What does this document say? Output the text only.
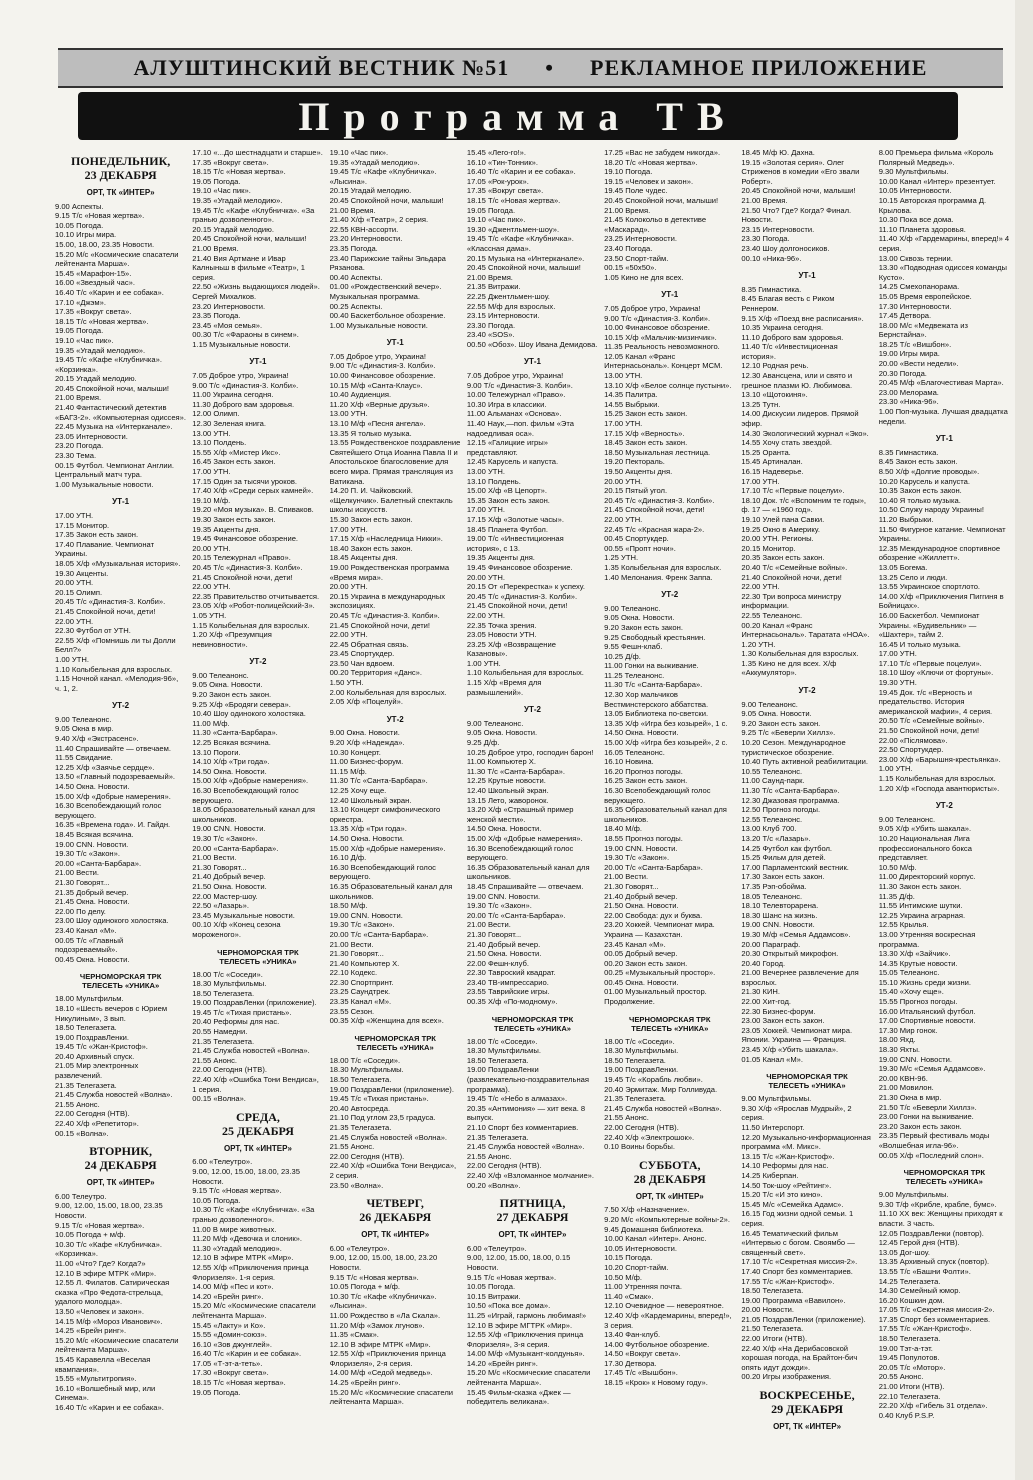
АЛУШТИНСКИЙ ВЕСТНИК №51 • РЕКЛАМНОЕ ПРИЛОЖЕНИЕ
Программа ТВ
ПОНЕДЕЛЬНИК,
23 ДЕКАБРЯ
ОРТ, ТК «ИНТЕР»
9.00 Аспекты.
9.15 Т/с «Новая жертва».
10.05 Погода.
10.10 Игры мира.
15.00, 18.00, 23.35 Новости.
15.20 М/с «Космические спасатели лейтенанта Марша».
15.45 «Марафон-15».
16.00 «Звездный час».
16.40 Т/с «Карин и ее собака».
17.10 «Джэм».
17.35 «Вокруг света».
18.15 Т/с «Новая жертва».
19.05 Погода.
19.10 «Час пик».
19.35 «Угадай мелодию».
19.45 Т/с «Кафе «Клубничка». «Корзинка».
20.15 Угадай мелодию.
20.45 Спокойной ночи, малыши!
21.00 Время.
21.40 Фантастический детектив «БАГЗ-2». «Компьютерная одиссея».
22.45 Музыка на «Интерканале».
23.05 Интерновости.
23.20 Погода.
23.30 Тема.
00.15 Футбол. Чемпионат Англии. Центральный матч тура.
1.00 Музыкальные новости.
УТ-1
17.00 УТН.
17.15 Монитор.
17.35 Закон есть закон.
17.40 Плавание. Чемпионат Украины.
18.05 Х/ф «Музыкальная история».
19.30 Акценты.
20.00 УТН.
20.15 Олимп.
20.45 Т/с «Династия-3. Колби».
21.45 Спокойной ночи, дети!
22.00 УТН.
22.30 Футбол от УТН.
22.55 Х/ф «Помнишь ли ты Долли Белл?»
1.00 УТН.
1.10 Колыбельная для взрослых.
1.15 Ночной канал. «Мелодия-96», ч. 1, 2.
УТ-2
9.00 Телеанонс.
9.05 Окна в мир.
9.40 Х/ф «Экстрасенс».
11.40 Спрашивайте — отвечаем.
11.55 Свидание.
12.25 Х/ф «Заячье сердце».
13.50 «Главный подозреваемый».
14.50 Окна. Новости.
15.00 Х/ф «Добрые намерения».
16.30 Всепобеждающий голос верующего.
16.35 «Времена года». И. Гайдн.
18.45 Всякая всячина.
19.00 CNN. Новости.
19.30 Т/с «Закон».
20.00 «Санта-Барбара».
21.00 Вести.
21.30 Говорят...
21.35 Добрый вечер.
21.45 Окна. Новости.
22.00 По делу.
23.00 Шоу одинокого холостяка.
23.40 Канал «М».
00.05 Т/с «Главный подозреваемый».
00.45 Окна. Новости.
ЧЕРНОМОРСКАЯ ТРК
ТЕЛЕСЕТЬ «УНИКА»
18.00 Мультфильм.
18.10 «Шесть вечеров с Юрием Никулиным», 3 вып.
18.50 Телегазета.
19.00 ПоздравЛенки.
19.45 Т/с «Жан-Кристоф».
20.40 Архивный спуск.
21.05 Мир электронных развлечений.
21.35 Телегазета.
21.45 Служба новостей «Волна».
21.55 Анонс.
22.00 Сегодня (НТВ).
22.40 Х/ф «Репетитор».
00.15 «Волна».
ВТОРНИК,
24 ДЕКАБРЯ
ОРТ, ТК «ИНТЕР»
6.00 Телеутро.
9.00, 12.00, 15.00, 18.00, 23.35 Новости.
9.15 Т/с «Новая жертва».
10.05 Погода + м/ф.
10.30 Т/с «Кафе «Клубничка». «Корзинка».
11.00 «Что? Где? Когда?»
12.10 В эфире МТРК «Мир».
12.55 Л. Филатов. Сатирическая сказка «Про Федота-стрельца, удалого молодца».
13.50 «Человек и закон».
14.15 М/ф «Мороз Иванович».
14.25 «Брейн ринг».
15.20 М/с «Космические спасатели лейтенанта Марша».
15.45 Каравелла «Веселая квампания».
15.55 «Мультитропия».
16.10 «Волшебный мир, или Синема».
16.40 Т/с «Карин и ее собака».
17.10 «...До шестнадцати и старше».
17.35 «Вокруг света».
18.15 Т/с «Новая жертва».
19.05 Погода.
19.10 «Час пик».
19.35 «Угадай мелодию».
19.45 Т/с «Кафе «Клубничка». «За гранью дозволенного».
20.15 Угадай мелодию.
20.45 Спокойной ночи, малыши!
21.00 Время.
21.40 Вия Артмане и Ивар Калныньш в фильме «Театр», 1 серия.
22.50 «Жизнь выдающихся людей». Сергей Михалков.
23.20 Интерновости.
23.35 Погода.
23.45 «Моя семья».
00.30 Т/с «Фараоны в синем».
1.15 Музыкальные новости.
УТ-1
7.05 Доброе утро, Украина!
9.00 Т/с «Династия-3. Колби».
11.00 Украина сегодня.
11.30 Доброго вам здоровья.
12.00 Олимп.
12.30 Зеленая книга.
13.00 УТН.
13.10 Полдень.
15.55 Х/ф «Мистер Икс».
16.45 Закон есть закон.
17.00 УТН.
17.15 Один за тысячи уроков.
17.40 Х/ф «Среди серых камней».
19.10 М/ф.
19.20 «Моя музыка». В. Спиваков.
19.30 Закон есть закон.
19.35 Акценты дня.
19.45 Финансовое обозрение.
20.00 УТН.
20.15 Тележурнал «Право».
20.45 Т/с «Династия-3. Колби».
21.45 Спокойной ночи, дети!
22.00 УТН.
22.35 Правительство отчитывается.
23.05 Х/ф «Робот-полицейский-3».
1.05 УТН.
1.15 Колыбельная для взрослых.
1.20 Х/ф «Презумпция невиновности».
УТ-2
9.00 Телеанонс.
9.05 Окна. Новости.
9.20 Закон есть закон.
9.25 Х/ф «Бродяги севера».
10.40 Шоу одинокого холостяка.
11.00 М/ф.
11.30 «Санта-Барбара».
12.25 Всякая всячина.
13.10 Пороги.
14.10 Х/ф «Три года».
14.50 Окна. Новости.
15.00 Х/ф «Добрые намерения».
16.30 Всепобеждающий голос верующего.
18.05 Образовательный канал для школьников.
19.00 CNN. Новости.
19.30 Т/с «Закон».
20.00 «Санта-Барбара».
21.00 Вести.
21.30 Говорят...
21.40 Добрый вечер.
21.50 Окна. Новости.
22.00 Мастер-шоу.
22.50 «Лазарь».
23.45 Музыкальные новости.
00.10 Х/ф «Конец сезона мороженого».
ЧЕРНОМОРСКАЯ ТРК
ТЕЛЕСЕТЬ «УНИКА»
18.00 Т/с «Соседи».
18.30 Мультфильмы.
18.50 Телегазета.
19.00 ПоздравЛенки (приложение).
19.45 Т/с «Тихая пристань».
20.40 Реформы для нас.
20.55 Намедни.
21.35 Телегазета.
21.45 Служба новостей «Волна».
21.55 Анонс.
22.00 Сегодня (НТВ).
22.40 Х/ф «Ошибка Тони Вендиса», 1 серия.
00.15 «Волна».
СРЕДА,
25 ДЕКАБРЯ
ОРТ, ТК «ИНТЕР»
6.00 «Телеутро».
9.00, 12.00, 15.00, 18.00, 23.35 Новости.
9.15 Т/с «Новая жертва».
10.05 Погода.
10.30 Т/с «Кафе «Клубничка». «За гранью дозволенного».
11.00 В мире животных.
11.20 М/ф «Девочка и слоник».
11.30 «Угадай мелодию».
12.10 В эфире МТРК «Мир».
12.55 Х/ф «Приключения принца Флоризеля». 1-я серия.
14.00 М/ф «Пес и кот».
14.20 «Брейн ринг».
15.20 М/с «Космические спасатели лейтенанта Марша».
15.45 «Лакту» и Ко».
15.55 «Домин-союз».
16.10 «Зов джунглей».
16.40 Т/с «Карин и ее собака».
17.05 «Т-эт-а-теть».
17.30 «Вокруг света».
18.15 Т/с «Новая жертва».
19.05 Погода.
19.10 «Час пик».
19.35 «Угадай мелодию».
19.45 Т/с «Кафе «Клубничка». «Лысина».
20.15 Угадай мелодию.
20.45 Спокойной ночи, малыши!
21.00 Время.
21.40 Х/ф «Театр», 2 серия.
22.55 КВН-ассорти.
23.20 Интерновости.
23.35 Погода.
23.40 Парижские тайны Эльдара Рязанова.
00.40 Аспекты.
01.00 «Рождественский вечер». Музыкальная программа.
00.25 Аспекты.
00.40 Баскетбольное обозрение.
1.00 Музыкальные новости.
УТ-1
7.05 Доброе утро, Украина!
9.00 Т/с «Династия-3. Колби».
10.00 Финансовое обозрение.
10.15 М/ф «Санта-Клаус».
10.40 Аудиенция.
11.20 Х/ф «Верные друзья».
13.00 УТН.
13.10 М/ф «Песня ангела».
13.35 Я только музыка.
13.55 Рождественское поздравление Святейшего Отца Иоанна Павла II и Апостольское благословение для всего мира. Прямая трансляция из Ватикана.
14.20 П. И. Чайковский. «Щелкунчик». Балетный спектакль школы искусств.
15.30 Закон есть закон.
17.00 УТН.
17.15 Х/ф «Наследница Никки».
18.40 Закон есть закон.
18.45 Акценты дня.
19.00 Рождественская программа «Время мира».
20.00 УТН.
20.15 Украина в международных экспозициях.
20.45 Т/с «Династия-3. Колби».
21.45 Спокойной ночи, дети!
22.00 УТН.
22.45 Обратная связь.
23.45 Спортукдер.
23.50 Чан вдвоем.
00.20 Территория «Данс».
1.50 УТН.
2.00 Колыбельная для взрослых.
2.05 Х/ф «Поцелуй».
УТ-2
9.00 Окна. Новости.
9.20 Х/ф «Надежда».
10.30 Концерт.
11.00 Бизнес-форум.
11.15 М/ф.
11.30 Т/с «Санта-Барбара».
12.25 Хочу еще.
12.40 Школьный экран.
13.10 Концерт симфонического оркестра.
13.35 Х/ф «Три года».
14.50 Окна. Новости.
15.00 Х/ф «Добрые намерения».
16.10 Д/ф.
16.30 Всепобеждающий голос верующего.
16.35 Образовательный канал для школьников.
18.50 М/ф.
19.00 CNN. Новости.
19.30 Т/с «Закон».
20.00 Т/с «Санта-Барбара».
21.00 Вести.
21.30 Говорят...
21.40 Компьютер Х.
22.10 Кодекс.
22.30 Спортпринт.
23.25 Саундтрек.
23.35 Канал «М».
23.55 Сезон.
00.35 Х/ф «Женщина для всех».
ЧЕРНОМОРСКАЯ ТРК
ТЕЛЕСЕТЬ «УНИКА»
18.00 Т/с «Соседи».
18.30 Мультфильмы.
18.50 Телегазета.
19.00 ПоздравЛенки (приложение).
19.45 Т/с «Тихая пристань».
20.40 Автосреда.
21.10 Под углом 23,5 градуса.
21.35 Телегазета.
21.45 Служба новостей «Волна».
21.55 Анонс.
22.00 Сегодня (НТВ).
22.40 Х/ф «Ошибка Тони Вендиса», 2 серия.
23.50 «Волна».
ЧЕТВЕРГ,
26 ДЕКАБРЯ
ОРТ, ТК «ИНТЕР»
6.00 «Телеутро».
9.00, 12.00, 15.00, 18.00, 23.20 Новости.
9.15 Т/с «Новая жертва».
10.05 Погода + м/ф.
10.30 Т/с «Кафе «Клубничка». «Лысина».
11.00 Рождество в «Ла Скала».
11.20 М/ф «Замок лгунов».
11.35 «Смак».
12.10 В эфире МТРК «Мир».
12.55 Х/ф «Приключения принца Флоризеля», 2-я серия.
14.00 М/ф «Седой медведь».
14.25 «Брейн ринг».
15.20 М/с «Космические спасатели лейтенанта Марша».
15.45 «Лего-го!».
16.10 «Тин-Тонник».
16.40 Т/с «Карин и ее собака».
17.05 «Рок-урок».
17.35 «Вокруг света».
18.15 Т/с «Новая жертва».
19.05 Погода.
19.10 «Час пик».
19.30 «Джентльмен-шоу».
19.45 Т/с «Кафе «Клубничка». «Классная дама».
20.15 Музыка на «Интерканале».
20.45 Спокойной ночи, малыши!
21.00 Время.
21.35 Витражи.
22.25 Джентльмен-шоу.
22.55 М/ф для взрослых.
23.15 Интерновости.
23.30 Погода.
23.40 «SOS».
00.50 «Обоз». Шоу Ивана Демидова.
УТ-1
7.05 Доброе утро, Украина!
9.00 Т/с «Династия-3. Колби».
10.00 Тележурнал «Право».
10.30 Игра в классики.
11.00 Альманах «Основа».
11.40 Наук,—поп. фильм «Эта надоедливая оса».
12.15 «Галицкие игры» представляют.
12.45 Карусель и капуста.
13.00 УТН.
13.10 Полдень.
15.00 Х/ф «В Цепорт».
15.35 Закон есть закон.
17.00 УТН.
17.15 Х/ф «Золотые часы».
18.45 Планета Футбол.
19.00 Т/с «Инвестиционная история», с 13.
19.35 Акценты дня.
19.45 Финансовое обозрение.
20.00 УТН.
20.15 От «Перекрестка» к успеху.
20.45 Т/с «Династия-3. Колби».
21.45 Спокойной ночи, дети!
22.00 УТН.
22.35 Точка зрения.
23.05 Новости УТН.
23.25 Х/ф «Возвращение Казановы».
1.00 УТН.
1.10 Колыбельная для взрослых.
1.15 Х/ф «Время для размышлений».
УТ-2
9.00 Телеанонс.
9.05 Окна. Новости.
9.25 Д/ф.
10.25 Доброе утро, господин барон!
11.00 Компьютер Х.
11.30 Т/с «Санта-Барбара».
12.25 Крутые новости.
12.40 Школьный экран.
13.15 Лето, жаворонок.
13.20 Х/ф «Страшный пример женской мести».
14.50 Окна. Новости.
15.00 Х/ф «Добрые намерения».
16.30 Всепобеждающий голос верующего.
16.35 Образовательный канал для школьников.
18.45 Спрашивайте — отвечаем.
19.00 CNN. Новости.
19.30 Т/с «Закон».
20.00 Т/с «Санта-Барбара».
21.00 Вести.
21.30 Говорят...
21.40 Добрый вечер.
21.50 Окна. Новости.
22.00 Фешн-клуб.
22.30 Тавроский квадрат.
23.40 ТВ-импрессарио.
23.55 Таврийские игры.
00.35 Х/ф «По-модному».
ЧЕРНОМОРСКАЯ ТРК
ТЕЛЕСЕТЬ «УНИКА»
18.00 Т/с «Соседи».
18.30 Мультфильмы.
18.50 Телегазета.
19.00 ПоздравЛенки (развлекательно-поздравительная программа).
19.45 Т/с «Небо в алмазах».
20.35 «Антимония» — хит века. 8 выпуск.
21.10 Спорт без комментариев.
21.35 Телегазета.
21.45 Служба новостей «Волна».
21.55 Анонс.
22.00 Сегодня (НТВ).
22.40 Х/ф «Взломанное молчание».
00.20 «Волна».
ПЯТНИЦА,
27 ДЕКАБРЯ
ОРТ, ТК «ИНТЕР»
6.00 «Телеутро».
9.00, 12.00, 15.00, 18.00, 0.15 Новости.
9.15 Т/с «Новая жертва».
10.05 Погода.
10.15 Витражи.
10.50 «Пока все дома».
11.25 «Играй, гармонь любимая!»
12.10 В эфире МГТРК «Мир».
12.55 Х/ф «Приключения принца Флоризеля», 3-я серия.
14.00 М/ф «Музыкант-колдунья».
14.20 «Брейн ринг».
15.20 М/с «Космические спасатели лейтенанта Марша».
15.45 Фильм-сказка «Джек — победитель великана».
17.25 «Вас не забудем никогда».
18.20 Т/с «Новая жертва».
19.10 Погода.
19.15 «Человек и закон».
19.45 Поле чудес.
20.45 Спокойной ночи, малыши!
21.00 Время.
21.45 Колокольо в детективе «Маскарад».
23.25 Интерновости.
23.40 Погода.
23.50 Спорт-тайм.
00.15 «50х50».
1.05 Кино не для всех.
УТ-1
7.05 Доброе утро, Украина!
9.00 Т/с «Династия-3. Колби».
10.00 Финансовое обозрение.
10.15 Х/ф «Мальчик-мизинчик».
11.35 Реальность невозможного.
12.05 Канал «Франс Интернасьональ». Концерт МСМ.
13.00 УТН.
13.10 Х/ф «Белое солнце пустыни».
14.35 Палитра.
14.55 Выбрыки.
15.25 Закон есть закон.
17.00 УТН.
17.15 Х/ф «Верность».
18.45 Закон есть закон.
18.50 Музыкальная лестница.
19.20 Пектораль.
19.50 Акценты дня.
20.00 УТН.
20.15 Пятый угол.
20.45 Т/с «Династия-3. Колби».
21.45 Спокойной ночи, дети!
22.00 УТН.
22.45 Т/с «Красная жара-2».
00.45 Спортукдер.
00.55 «Пропт ночи».
1.25 УТН.
1.35 Колыбельная для взрослых.
1.40 Мелонания. Френк Заппа.
УТ-2
9.00 Телеанонс.
9.05 Окна. Новости.
9.20 Закон есть закон.
9.25 Свободный крестьянин.
9.55 Фешн-клаб.
10.25 Д/ф.
11.00 Гонки на выживание.
11.25 Телеанонс.
11.30 Т/с «Санта-Барбара».
12.30 Хор мальчиков Вестминстерского аббатства.
13.05 Библиотека по-светски.
13.35 Х/ф «Игра без козырей», 1 с.
14.50 Окна. Новости.
15.00 Х/ф «Игра без козырей», 2 с.
16.05 Телеанонс.
16.10 Новина.
16.20 Прогноз погоды.
16.25 Закон есть закон.
16.30 Всепобеждающий голос верующего.
16.35 Образовательный канал для школьников.
18.40 М/ф.
18.55 Прогноз погоды.
19.00 CNN. Новости.
19.30 Т/с «Закон».
20.00 Т/с «Санта-Барбара».
21.00 Вести.
21.30 Говорят...
21.40 Добрый вечер.
21.50 Окна. Новости.
22.00 Свобода: дух и буква.
23.20 Хоккей. Чемпионат мира. Украина — Казахстан.
23.45 Канал «М».
00.05 Добрый вечер.
00.20 Закон есть закон.
00.25 «Музыкальный простор».
00.45 Окна. Новости.
01.00 Музыкальный простор. Продолжение.
ЧЕРНОМОРСКАЯ ТРК
ТЕЛЕСЕТЬ «УНИКА»
18.00 Т/с «Соседи».
18.30 Мультфильмы.
18.50 Телегазета.
19.00 ПоздравЛенки.
19.45 Т/с «Корабль любви».
20.40 Эрмитаж. Мир Голливуда.
21.35 Телегазета.
21.45 Служба новостей «Волна».
21.55 Анонс.
22.00 Сегодня (НТВ).
22.40 Х/ф «Электрошок».
0.10 Воины борьбы.
СУББОТА,
28 ДЕКАБРЯ
ОРТ, ТК «ИНТЕР»
7.50 Х/ф «Назначение».
9.20 М/с «Компьютерные войны-2».
9.45 Домашняя библиотека.
10.00 Канал «Интер». Анонс.
10.05 Интерновости.
10.15 Погода.
10.20 Спорт-тайм.
10.50 М/ф.
11.00 Утренняя почта.
11.40 «Смак».
12.10 Очевидное — невероятное.
12.40 Х/ф «Кардемарины, вперед!», 3 серия.
13.40 Фан-клуб.
14.00 Футбольное обозрение.
14.50 «Вокруг света».
17.30 Детвора.
17.45 Т/с «Вышбон».
18.15 «Крок» к Новому году».
18.45 М/ф Ю. Дахна.
19.15 «Золотая серия». Олег Стриженов в комедии «Его звали Роберт».
20.45 Спокойной ночи, малыши!
21.00 Время.
21.50 Что? Где? Когда? Финал. Новости.
23.15 Интерновости.
23.30 Погода.
23.40 Шоу долгоносиков.
00.10 «Ника-96».
УТ-1
8.35 Гимнастика.
8.45 Благая весть с Риком Реннером.
9.15 Х/ф «Поезд вне расписания».
10.35 Украина сегодня.
11.10 Доброго вам здоровья.
11.40 Т/с «Инвестиционная история».
12.10 Родная речь.
12.30 Авансцена, или и свято и грешное плазми Ю. Любимова.
13.10 «Щотокиня».
13.25 Тутн.
14.00 Дискусии лидеров. Прямой эфир.
14.30 Экологический журнал «Эко».
14.55 Хочу стать звездой.
15.25 Оранта.
15.45 Артиналан.
16.15 Надеверье.
17.00 УТН.
17.10 Т/с «Первые поцелуи».
18.10 Док. т/с «Вспомним те годы», ф. 17 — «1960 год».
19.10 Улей пана Савки.
19.25 Окно в Америку.
20.00 УТН. Регионы.
20.15 Монитор.
20.35 Закон есть закон.
20.40 Т/с «Семейные войны».
21.40 Спокойной ночи, дети!
22.00 УТН.
22.30 Три вопроса министру информации.
22.55 Телеанонс.
00.20 Канал «Франс Интернасьональ». Таратата «НОА».
1.20 УТН.
1.30 Колыбельная для взрослых.
1.35 Кино не для всех. Х/ф «Аккумулятор».
УТ-2
9.00 Телеанонс.
9.05 Окна. Новости.
9.20 Закон есть закон.
9.25 Т/с «Беверли Хиллз».
10.20 Сезон. Международное туристическое обозрение.
10.40 Путь активной реабилитации.
10.55 Телеанонс.
11.00 Саунд-парк.
11.30 Т/с «Санта-Барбара».
12.30 Джазовая программа.
12.50 Прогноз погоды.
12.55 Телеанонс.
13.00 Клуб 700.
13.20 Т/с «Лазарь».
14.25 Футбол как футбол.
15.25 Фильм для детей.
17.00 Парламентский вестник.
17.30 Закон есть закон.
17.35 Рэп-обойма.
18.05 Телеанонс.
18.10 Телевторарена.
18.30 Шанс на жизнь.
19.00 CNN. Новости.
19.30 М/ф «Семья Аддамсов».
20.00 Параграф.
20.30 Открытый микрофон.
20.40 Город.
21.00 Вечернее развлечение для взрослых.
21.30 КИН.
22.00 Хит-год.
22.30 Бизнес-форум.
23.00 Закон есть закон.
23.05 Хоккей. Чемпионат мира. Японии. Украина — Франция.
23.45 Х/ф «Убить шакала».
01.05 Канал «М».
ЧЕРНОМОРСКАЯ ТРК
ТЕЛЕСЕТЬ «УНИКА»
9.00 Мультфильмы.
9.30 Х/ф «Ярослав Мудрый», 2 серия.
11.50 Интерспорт.
12.20 Музыкально-информационная программа «М. Микс».
13.15 Т/с «Жан-Кристоф».
14.10 Реформы для нас.
14.25 Киберпан.
14.50 Ток-шоу «Рейтинг».
15.20 Т/с «И это кино».
15.45 М/с «Семейка Адамс».
16.15 Год жизни одной семьи. 1 серия.
16.45 Тематический фильм «Интервью с богом. Своямбо — священный свет».
17.10 Т/с «Секретная миссия-2».
17.40 Спорт без комментариев.
17.55 Т/с «Жан-Кристоф».
18.50 Телегазета.
19.00 Программа «Вавилон».
20.00 Новости.
21.05 ПоздравЛенки (приложение).
21.50 Телегазета.
22.00 Итоги (НТВ).
22.40 Х/ф «На Дерибасовской хорошая погода, на Брайтон-бич опять идут дожди».
00.20 Игры изображения.
ВОСКРЕСЕНЬЕ,
29 ДЕКАБРЯ
ОРТ, ТК «ИНТЕР»
8.00 Премьера фильма «Король Полярный Медведь».
9.30 Мультфильмы.
10.00 Канал «Интер» презентует.
10.05 Интерновости.
10.15 Авторская программа Д. Крылова.
10.30 Пока все дома.
11.10 Планета здоровья.
11.40 Х/ф «Гардемарины, вперед!» 4 серия.
13.00 Сквозь тернии.
13.30 «Подводная одиссея команды Кусто».
14.25 Смехопанорама.
15.05 Время европейское.
17.30 Интерновости.
17.45 Детвора.
18.00 М/с «Медвежата из Бернстайна».
18.25 Т/с «Вишбон».
19.00 Игры мира.
20.00 «Вести недели».
20.30 Погода.
20.45 М/ф «Благочестивая Марта».
23.00 Мелорама.
23.30 «Ника-96».
1.00 Поп-музыка. Лучшая двадцатка недели.
УТ-1
8.35 Гимнастика.
8.45 Закон есть закон.
8.50 Х/ф «Долгие проводы».
10.20 Карусель и капуста.
10.35 Закон есть закон.
10.40 Я только музыка.
10.50 Служу народу Украины!
11.20 Выбрыки.
11.50 Фигурное катание. Чемпионат Украины.
12.35 Международное спортивное обозрение «Жиллетт».
13.05 Богема.
13.25 Село и люди.
13.55 Украинское спортлото.
14.00 Х/ф «Приключения Пиггиня в Бойницах».
16.00 Баскетбол. Чемпионат Украины. «Будивельник» — «Шахтер», тайм 2.
16.45 И только музыка.
17.00 УТН.
17.10 Т/с «Первые поцелуи».
18.10 Шоу «Ключи от фортуны».
19.30 УТН.
19.45 Док. т/с «Верность и предательство. История американской мафии», 4 серия.
20.50 Т/с «Семейные войны».
21.50 Спокойной ночи, дети!
22.00 «Післямова».
22.50 Спортукдер.
23.00 Х/ф «Барышня-крестьянка».
1.00 УТН.
1.15 Колыбельная для взрослых.
1.20 Х/ф «Господа авантюристы».
УТ-2
9.00 Телеанонс.
9.05 Х/ф «Убить шакала».
10.20 Национальная Лига профессионального бокса представляет.
10.50 М/ф.
11.00 Директорский корпус.
11.30 Закон есть закон.
11.35 Д/ф.
11.55 Интимские шутки.
12.25 Украина аграрная.
12.55 Крылья.
13.00 Утренняя воскресная программа.
13.30 Х/ф «Зайчик».
14.35 Крутые новости.
15.05 Телеанонс.
15.10 Жизнь среди жизни.
15.40 «Хочу еще».
15.55 Прогноз погоды.
16.00 Итальянский футбол.
17.00 Спортивные новости.
17.30 Мир гонок.
18.00 Яхд.
18.30 Яхты.
19.00 CNN. Новости.
19.30 М/с «Семья Аддамсов».
20.00 КВН-96.
21.00 Мовилон.
21.30 Окна в мир.
21.50 Т/с «Беверли Хиллз».
23.00 Гонки на выживание.
23.20 Закон есть закон.
23.35 Первый фестиваль моды «Волшебная игла-96».
00.05 Х/ф «Последний слон».
ЧЕРНОМОРСКАЯ ТРК
ТЕЛЕСЕТЬ «УНИКА»
9.00 Мультфильмы.
9.30 Т/ф «Крибле, крабле, бумс».
11.10 XX век: Женщины приходят к власти. 3 часть.
12.05 ПоздравЛенки (повтор).
12.45 Герой дня (НТВ).
13.05 Дог-шоу.
13.35 Архивный спуск (повтор).
13.55 Т/с «Башни Фолти».
14.25 Телегазета.
14.30 Семейный юмор.
16.20 Кошкин дом.
17.05 Т/с «Секретная миссия-2».
17.35 Спорт без комментариев.
17.55 Т/с «Жан-Кристоф».
18.50 Телегазета.
19.00 Тэт-а-тэт.
19.45 Популотов.
20.05 Т/с «Мотор».
20.55 Анонс.
21.00 Итоги (НТВ).
22.10 Телегазета.
22.20 Х/ф «Гибель 31 отдела».
0.40 Клуб P.S.P.
